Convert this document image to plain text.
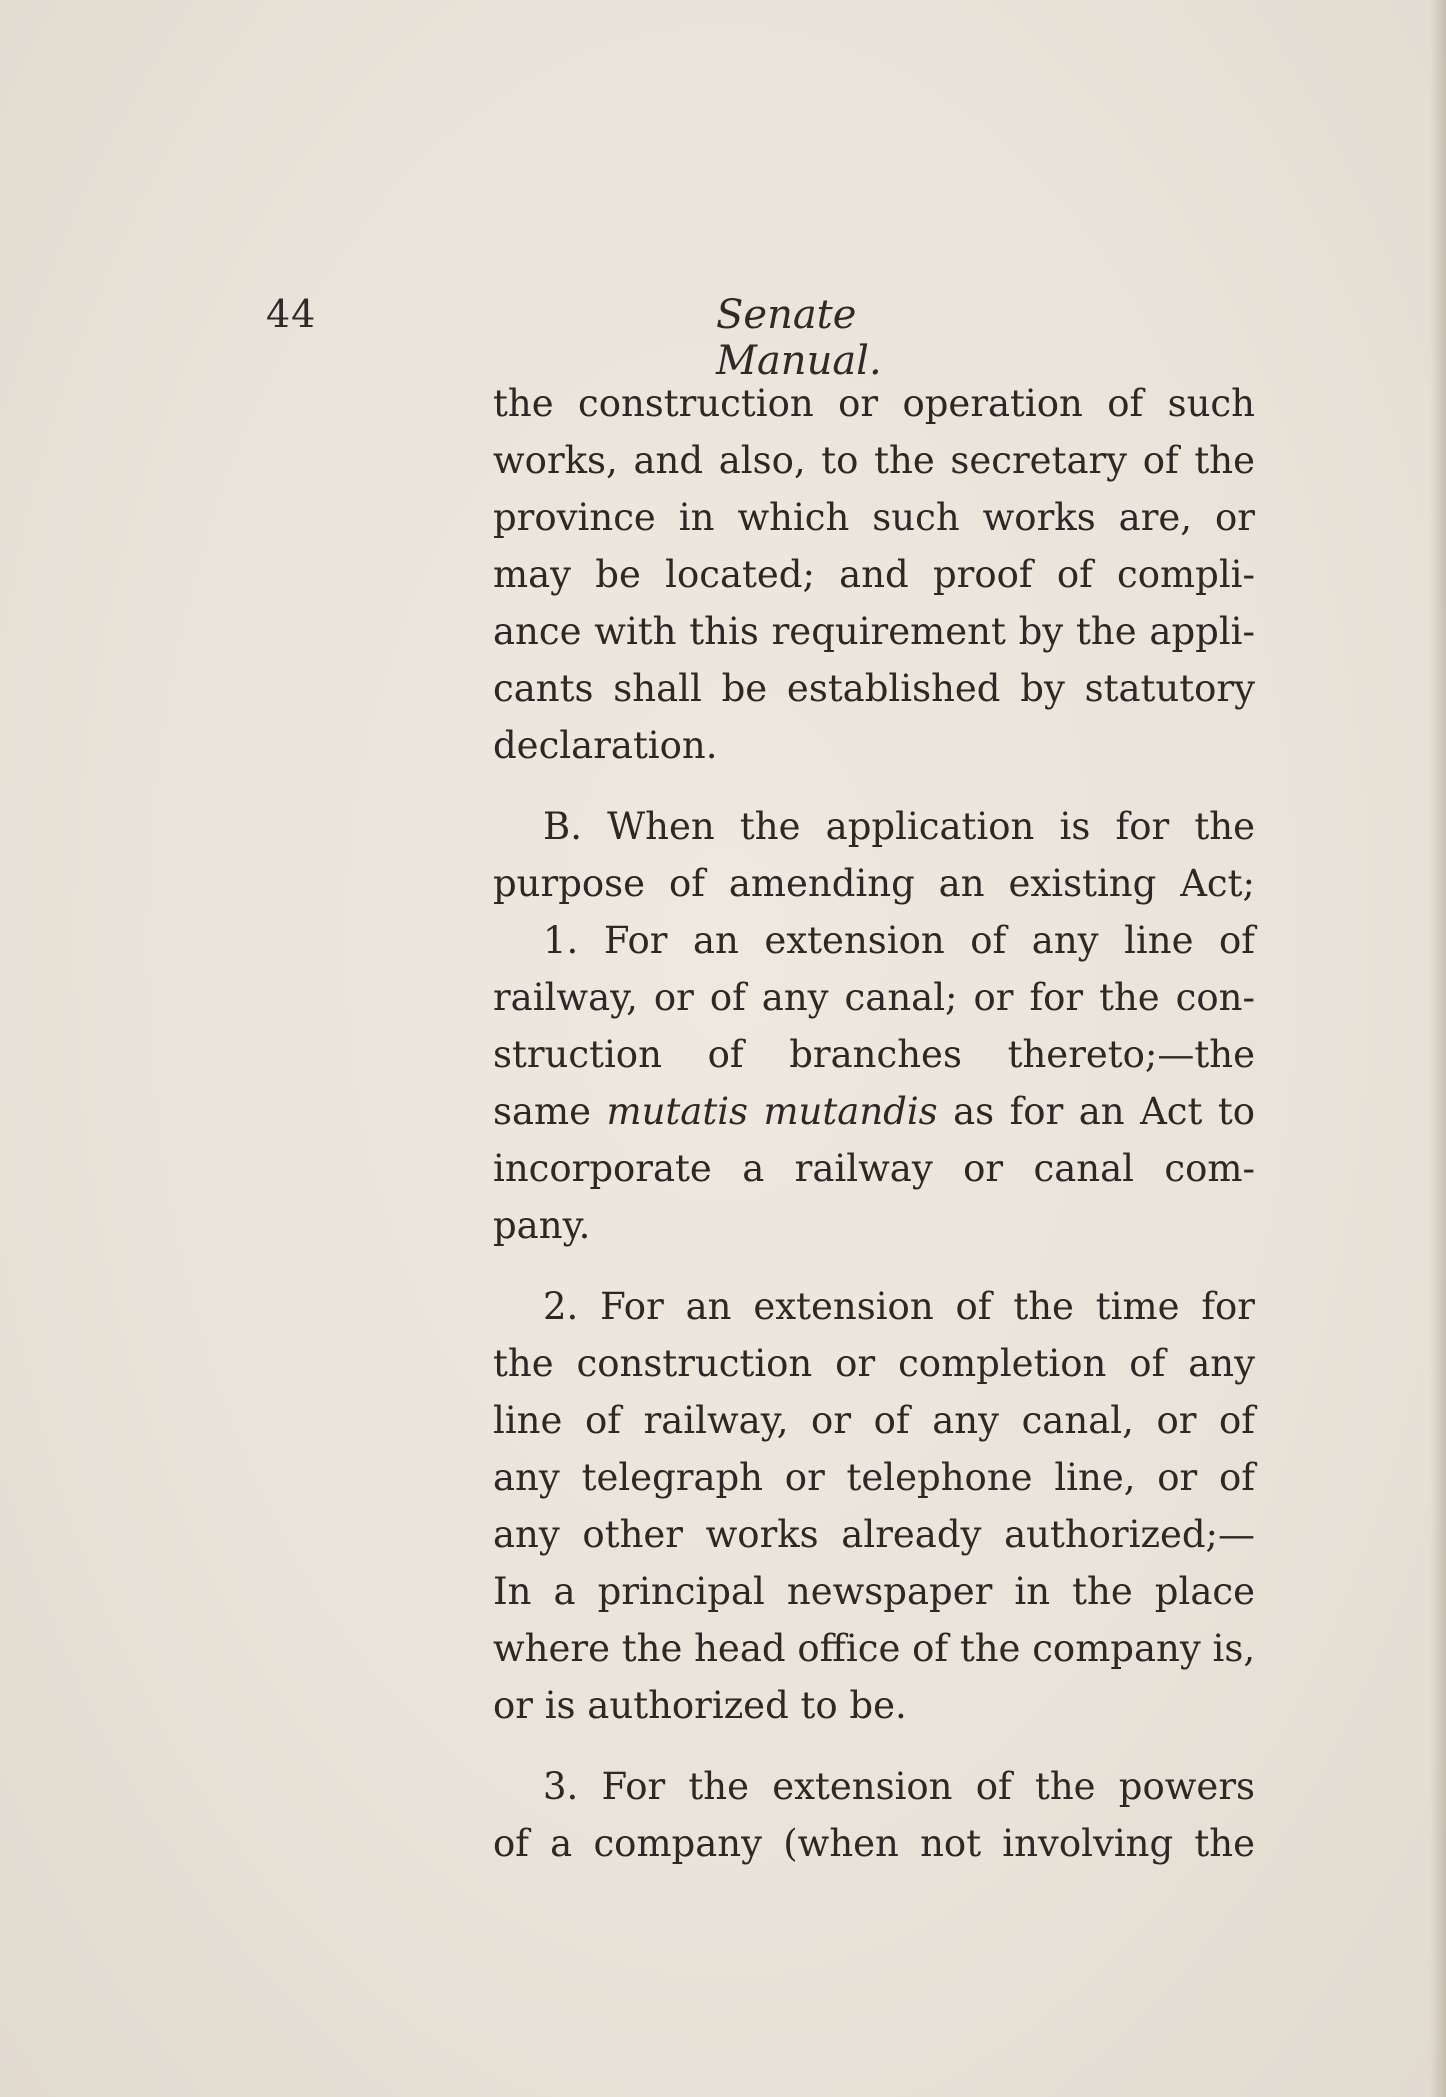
44	Senate Manual.
the construction or operation of such
works, and also, to the secretary of the
province in which such works are, or
may be located; and proof of compli-
ance with this requirement by the appli-
cants shall be established by statutory
declaration.
B. When the application is for the
purpose of amending an existing Act;
1. For an extension of any line of
railway, or of any canal; or for the con-
struction of branches thereto;—the
same mutatis mutandis as for an Act to
incorporate a railway or canal com-
pany.
2. For an extension of the time for
the construction or completion of any
line of railway, or of any canal, or of
any telegraph or telephone line, or of
any other works already authorized;—
In a principal newspaper in the place
where the head office of the company is,
or is authorized to be.
3. For the extension of the powers
of a company (when not involving the
